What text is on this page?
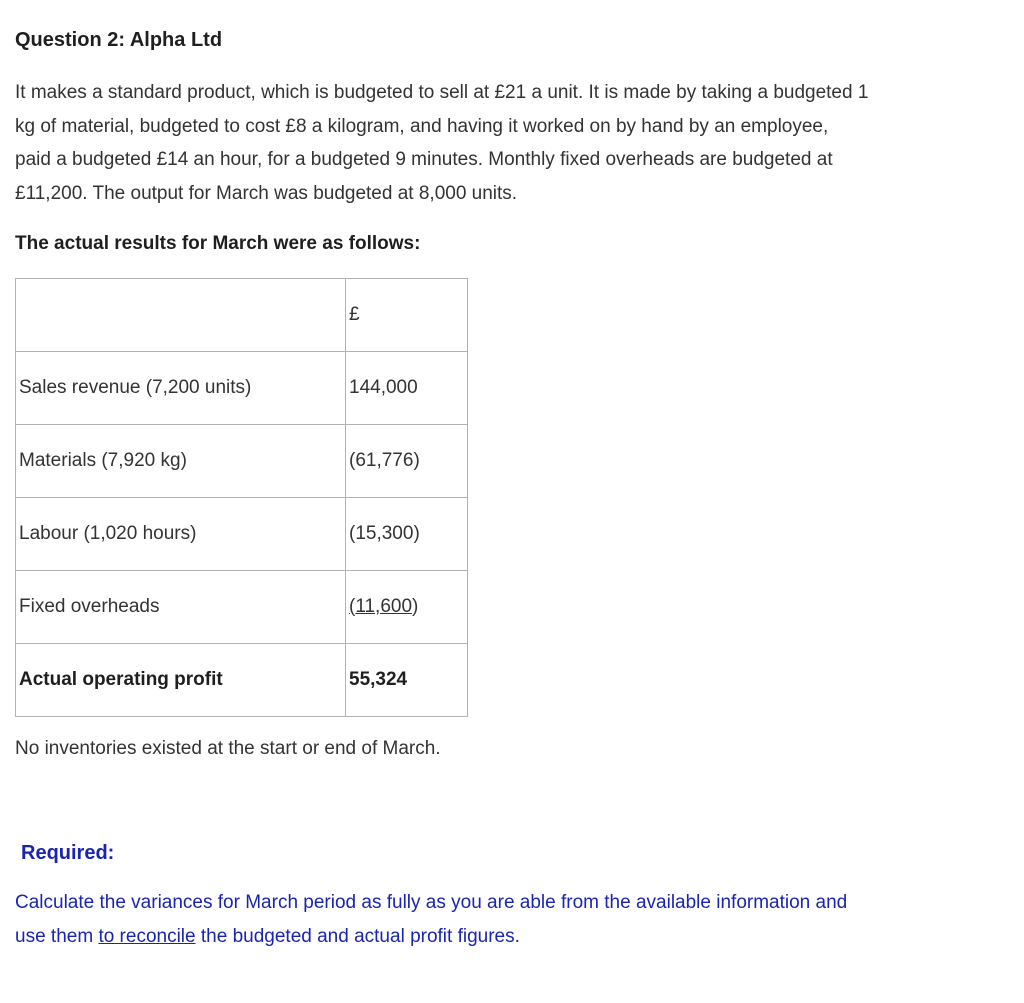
Question 2: Alpha Ltd

It makes a standard product, which is budgeted to sell at £21 a unit. It is made by taking a budgeted 1
kg of material, budgeted to cost £8 a kilogram, and having it worked on by hand by an employee,
paid a budgeted £14 an hour, for a budgeted 9 minutes. Monthly fixed overheads are budgeted at
£11,200. The output for March was budgeted at 8,000 units.

The actual results for March were as follows:

	£
Sales revenue (7,200 units)	144,000
Materials (7,920 kg)	(61,776)
Labour (1,020 hours)	(15,300)
Fixed overheads	(11,600)
Actual operating profit	55,324

No inventories existed at the start or end of March.

Required:

Calculate the variances for March period as fully as you are able from the available information and
use them to reconcile the budgeted and actual profit figures.
